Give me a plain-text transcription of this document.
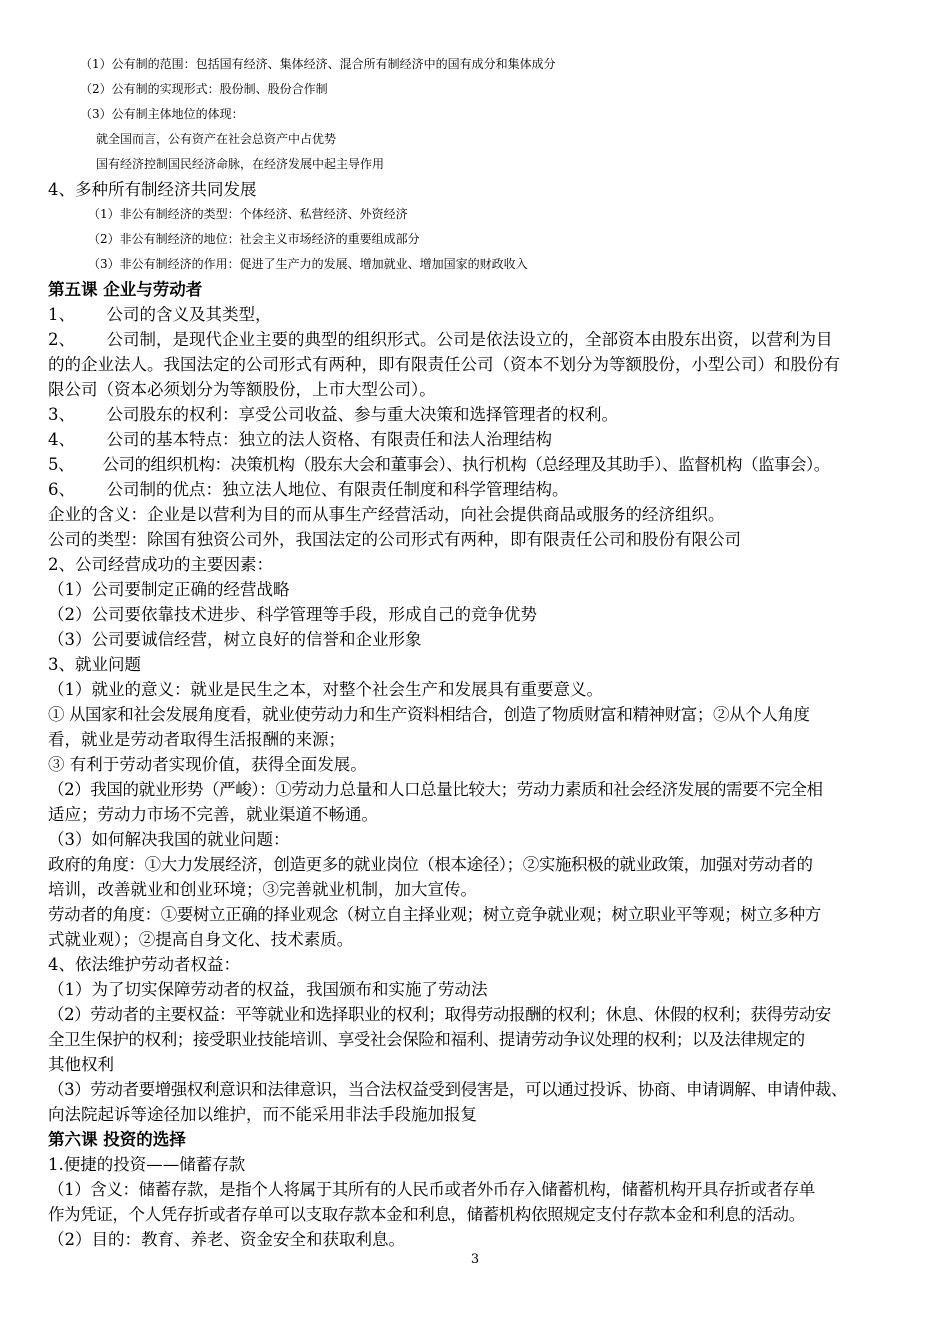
（1）公有制的范围：包括国有经济、集体经济、混合所有制经济中的国有成分和集体成分
（2）公有制的实现形式：股份制、股份合作制
（3）公有制主体地位的体现：
就全国而言，公有资产在社会总资产中占优势
国有经济控制国民经济命脉，在经济发展中起主导作用
4、多种所有制经济共同发展
（1）非公有制经济的类型：个体经济、私营经济、外资经济
（2）非公有制经济的地位：社会主义市场经济的重要组成部分
（3）非公有制经济的作用：促进了生产力的发展、增加就业、增加国家的财政收入
第五课 企业与劳动者
1、      公司的含义及其类型，
2、      公司制，是现代企业主要的典型的组织形式。公司是依法设立的，全部资本由股东出资，以营利为目
的的企业法人。我国法定的公司形式有两种，即有限责任公司（资本不划分为等额股份，小型公司）和股份有
限公司（资本必须划分为等额股份，上市大型公司）。
3、      公司股东的权利：享受公司收益、参与重大决策和选择管理者的权利。
4、      公司的基本特点：独立的法人资格、有限责任和法人治理结构
5、      公司的组织机构：决策机构（股东大会和董事会）、执行机构（总经理及其助手）、监督机构（监事会）。
6、      公司制的优点：独立法人地位、有限责任制度和科学管理结构。
企业的含义：企业是以营利为目的而从事生产经营活动，向社会提供商品或服务的经济组织。
公司的类型：除国有独资公司外，我国法定的公司形式有两种，即有限责任公司和股份有限公司
2、公司经营成功的主要因素：
（1）公司要制定正确的经营战略
（2）公司要依靠技术进步、科学管理等手段，形成自己的竞争优势
（3）公司要诚信经营，树立良好的信誉和企业形象
3、就业问题
（1）就业的意义：就业是民生之本，对整个社会生产和发展具有重要意义。
① 从国家和社会发展角度看，就业使劳动力和生产资料相结合，创造了物质财富和精神财富；②从个人角度
看，就业是劳动者取得生活报酬的来源；
③ 有利于劳动者实现价值，获得全面发展。
（2）我国的就业形势（严峻）：①劳动力总量和人口总量比较大；劳动力素质和社会经济发展的需要不完全相
适应；劳动力市场不完善，就业渠道不畅通。
（3）如何解决我国的就业问题：
政府的角度：①大力发展经济，创造更多的就业岗位（根本途径）；②实施积极的就业政策，加强对劳动者的
培训，改善就业和创业环境；③完善就业机制，加大宣传。
劳动者的角度：①要树立正确的择业观念（树立自主择业观；树立竞争就业观；树立职业平等观；树立多种方
式就业观）；②提高自身文化、技术素质。
4、依法维护劳动者权益：
（1）为了切实保障劳动者的权益，我国颁布和实施了劳动法
（2）劳动者的主要权益：平等就业和选择职业的权利；取得劳动报酬的权利；休息、休假的权利；获得劳动安
全卫生保护的权利；接受职业技能培训、享受社会保险和福利、提请劳动争议处理的权利；以及法律规定的
其他权利
（3）劳动者要增强权利意识和法律意识，当合法权益受到侵害是，可以通过投诉、协商、申请调解、申请仲裁、
向法院起诉等途径加以维护，而不能采用非法手段施加报复
第六课 投资的选择
1.便捷的投资——储蓄存款
（1）含义：储蓄存款，是指个人将属于其所有的人民币或者外币存入储蓄机构，储蓄机构开具存折或者存单
作为凭证，个人凭存折或者存单可以支取存款本金和利息，储蓄机构依照规定支付存款本金和利息的活动。
（2）目的：教育、养老、资金安全和获取利息。
3
